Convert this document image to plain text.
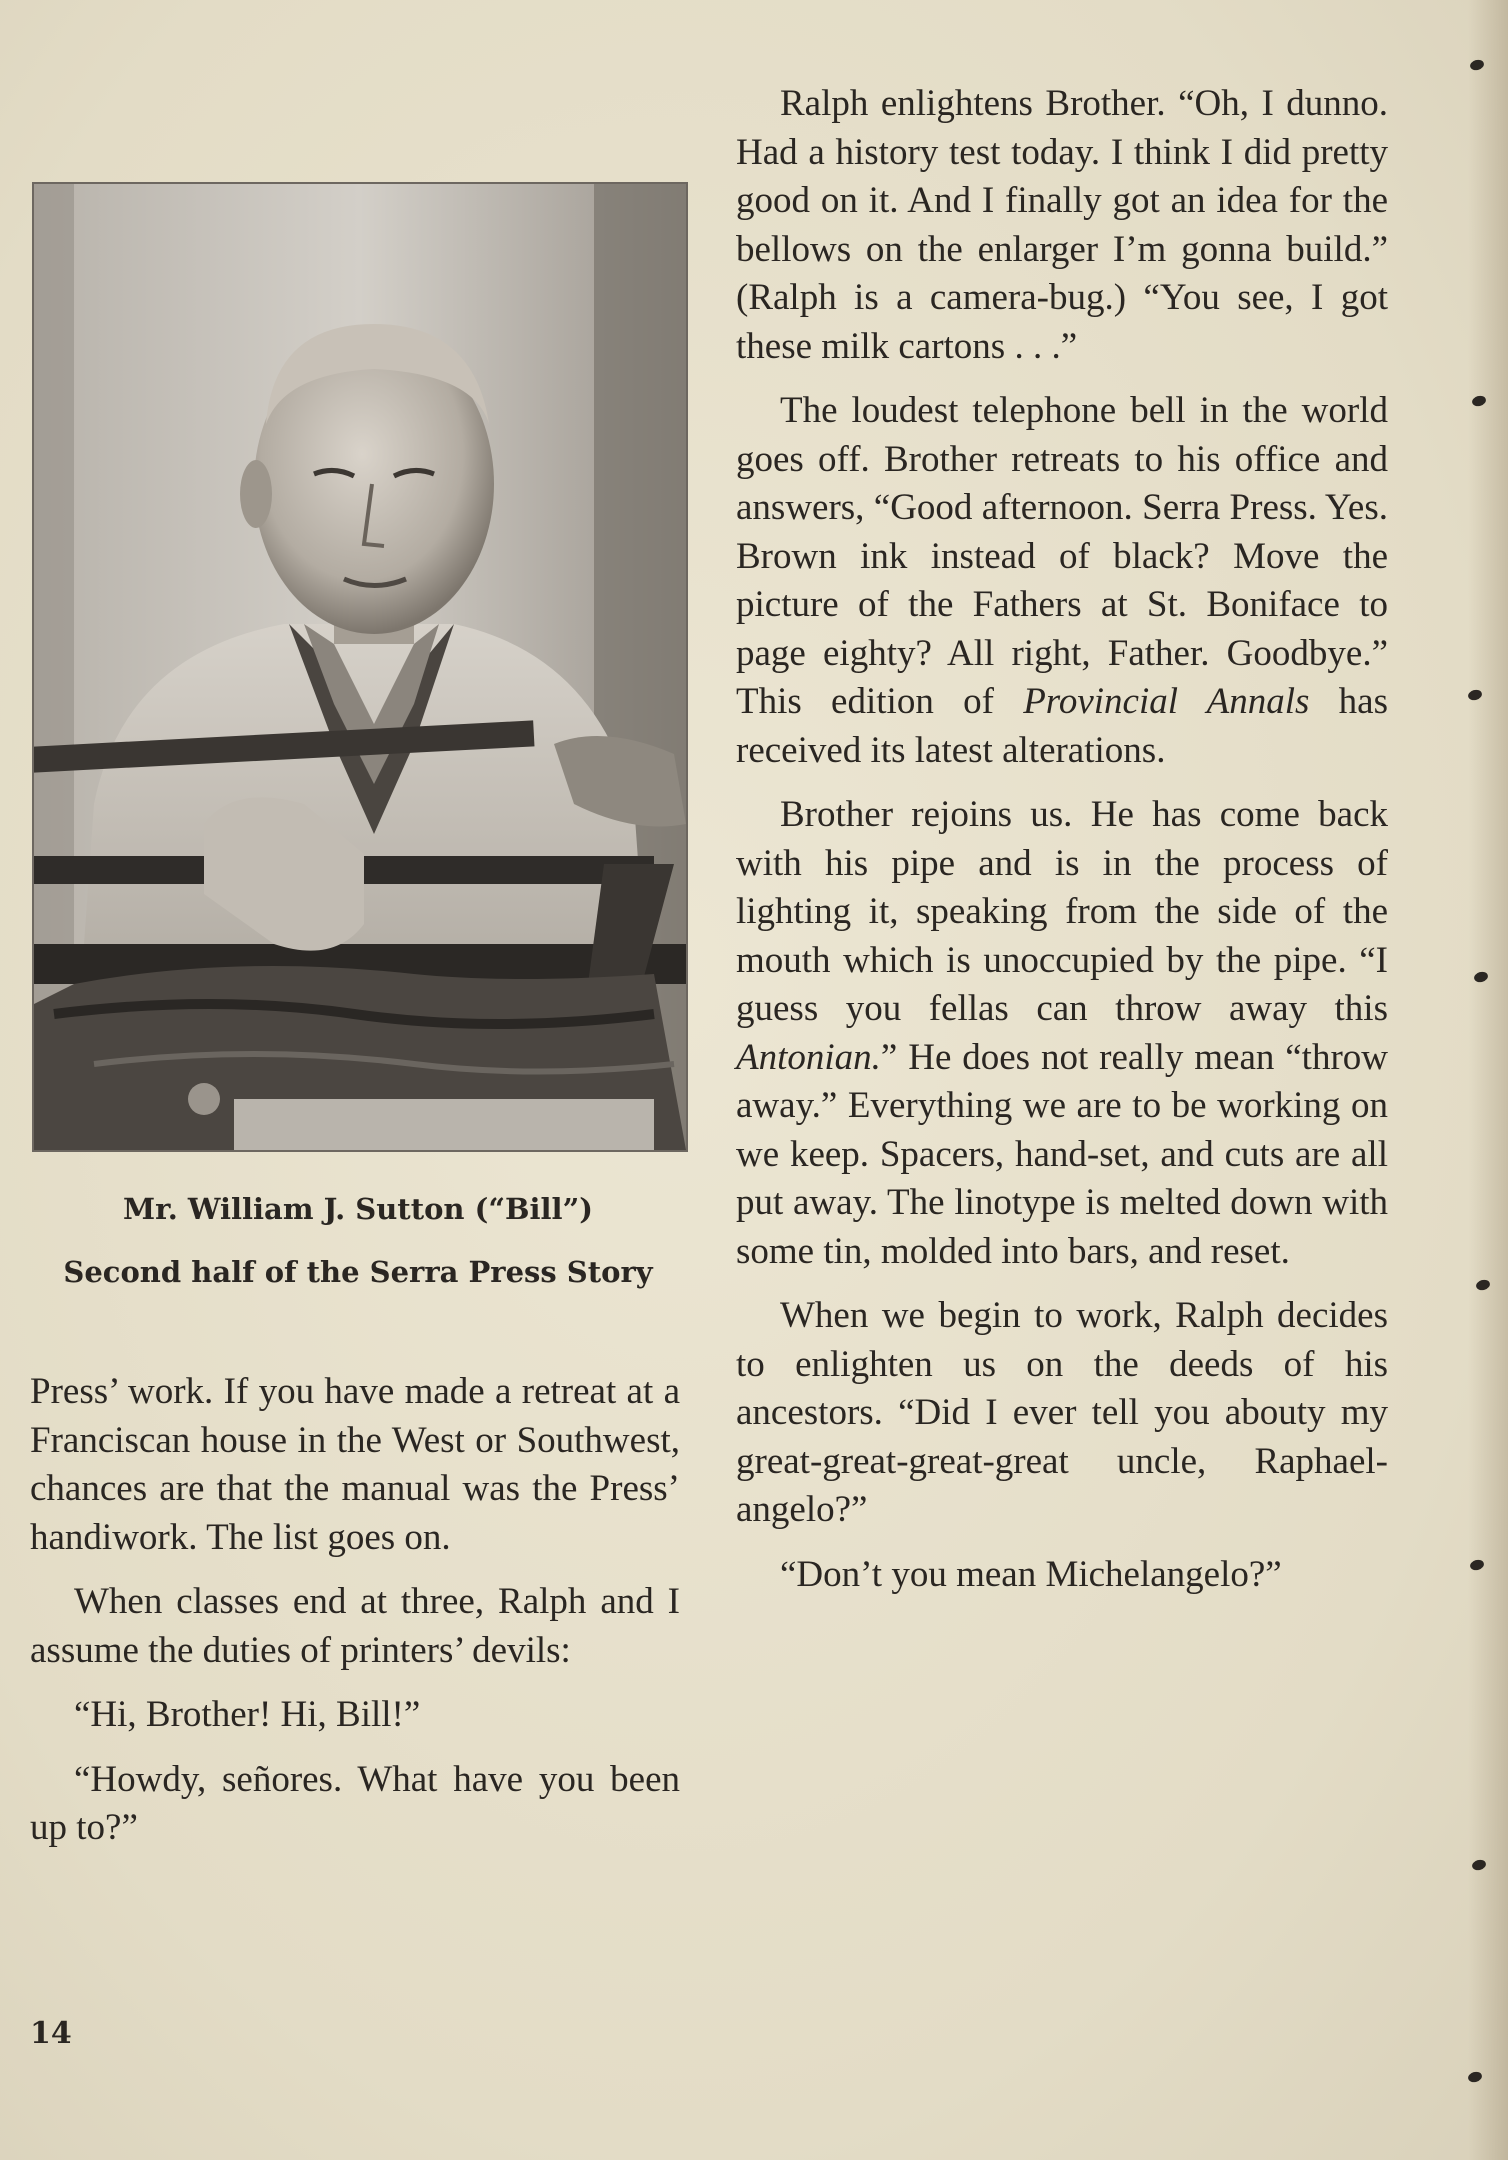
Mr. William J. Sutton (“Bill”)
Second half of the Serra Press Story

Press’ work. If you have made a retreat at a Franciscan house in the West or Southwest, chances are that the manual was the Press’ handiwork. The list goes on.

When classes end at three, Ralph and I assume the duties of printers’ devils:

“Hi, Brother! Hi, Bill!”

“Howdy, señores. What have you been up to?”

Ralph enlightens Brother. “Oh, I dunno. Had a history test today. I think I did pretty good on it. And I finally got an idea for the bellows on the enlarger I’m gonna build.” (Ralph is a camera-bug.) “You see, I got these milk cartons . . .”

The loudest telephone bell in the world goes off. Brother retreats to his office and answers, “Good afternoon. Serra Press. Yes. Brown ink instead of black? Move the picture of the Fathers at St. Boniface to page eighty? All right, Father. Goodbye.” This edition of Provincial Annals has received its latest alterations.

Brother rejoins us. He has come back with his pipe and is in the process of lighting it, speaking from the side of the mouth which is unoccupied by the pipe. “I guess you fellas can throw away this Antonian.” He does not really mean “throw away.” Everything we are to be working on we keep. Spacers, hand-set, and cuts are all put away. The linotype is melted down with some tin, molded into bars, and reset.

When we begin to work, Ralph decides to enlighten us on the deeds of his ancestors. “Did I ever tell you abouty my great-great-great-great uncle, Raphael-angelo?”

“Don’t you mean Michelangelo?”

14
